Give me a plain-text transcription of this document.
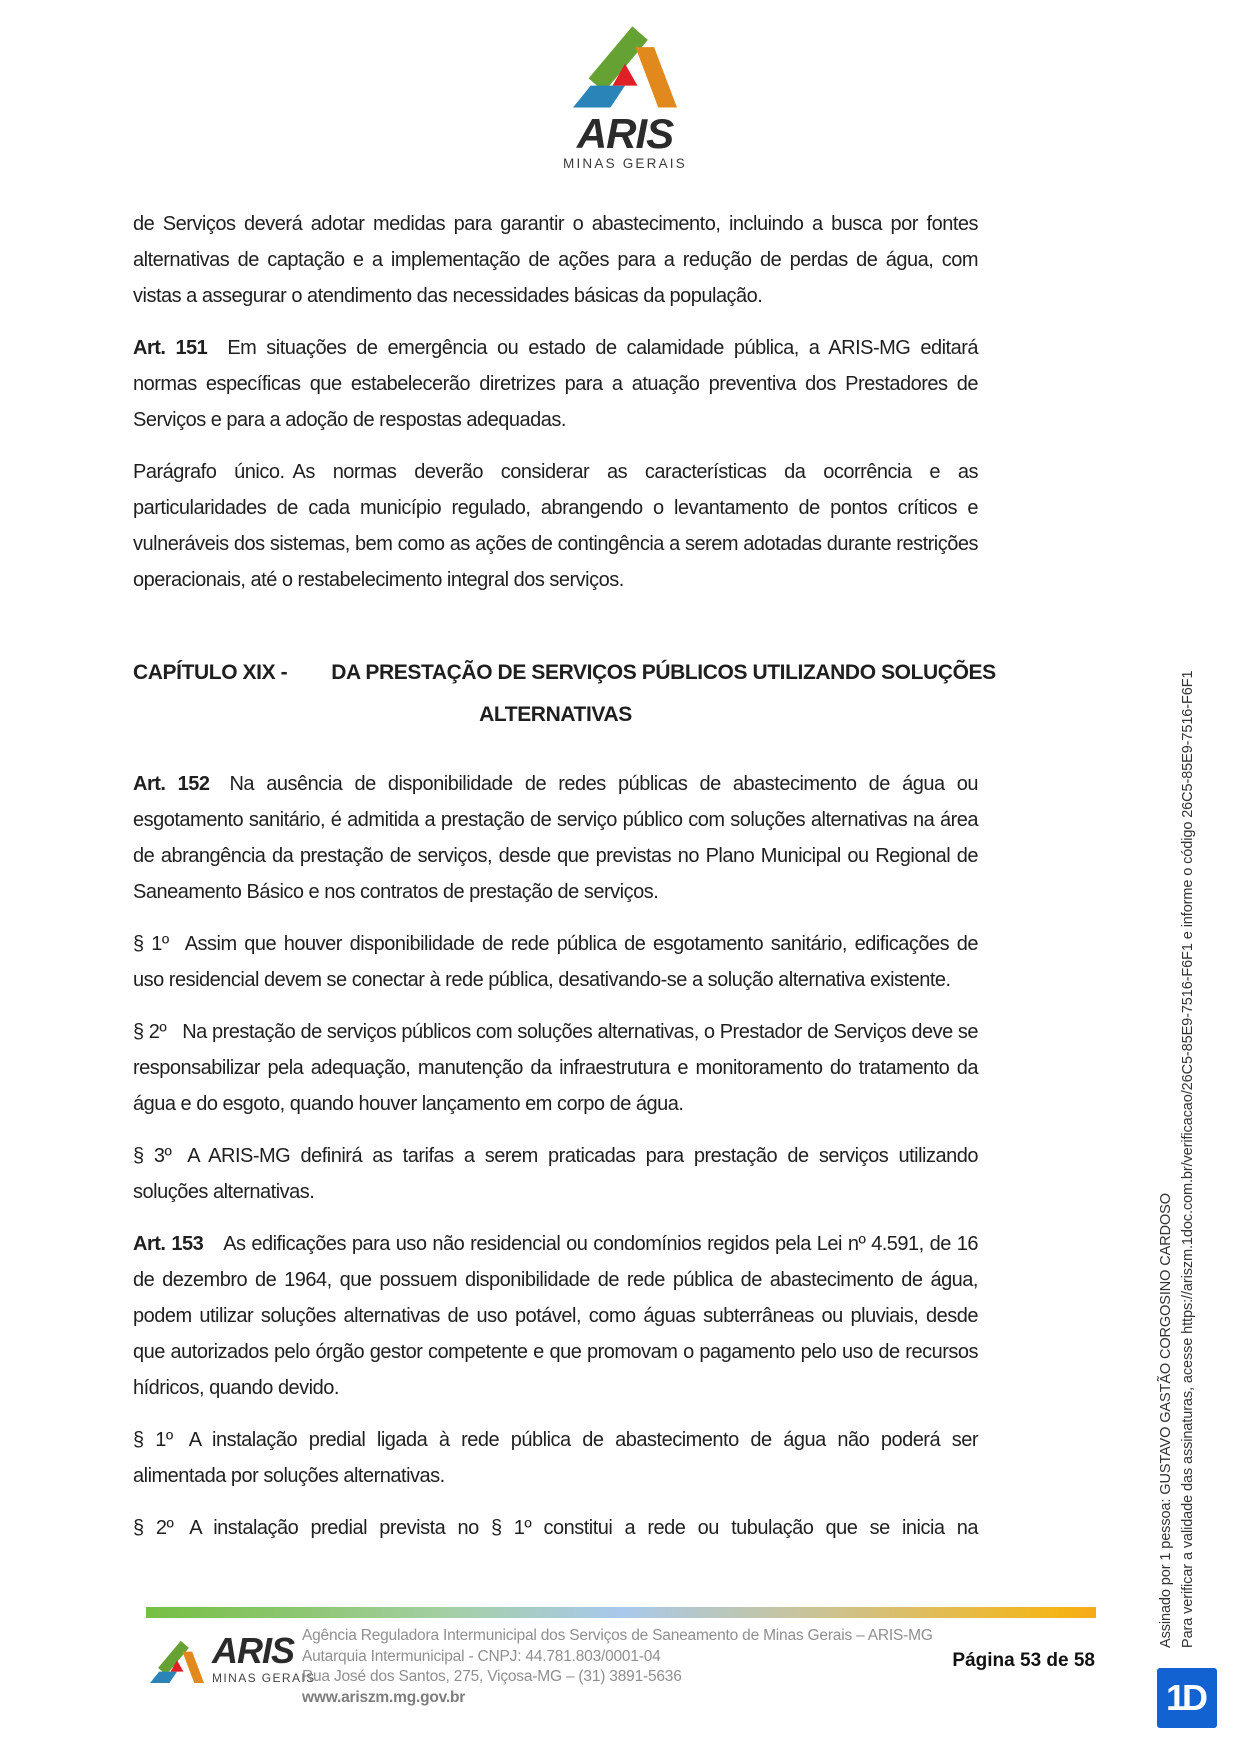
ARIS
MINAS GERAIS

de Serviços deverá adotar medidas para garantir o abastecimento, incluindo a busca por fontes alternativas de captação e a implementação de ações para a redução de perdas de água, com vistas a assegurar o atendimento das necessidades básicas da população.

Art. 151 Em situações de emergência ou estado de calamidade pública, a ARIS-MG editará normas específicas que estabelecerão diretrizes para a atuação preventiva dos Prestadores de Serviços e para a adoção de respostas adequadas.

Parágrafo único. As normas deverão considerar as características da ocorrência e as particularidades de cada município regulado, abrangendo o levantamento de pontos críticos e vulneráveis dos sistemas, bem como as ações de contingência a serem adotadas durante restrições operacionais, até o restabelecimento integral dos serviços.

CAPÍTULO XIX - DA PRESTAÇÃO DE SERVIÇOS PÚBLICOS UTILIZANDO SOLUÇÕES
ALTERNATIVAS

Art. 152 Na ausência de disponibilidade de redes públicas de abastecimento de água ou esgotamento sanitário, é admitida a prestação de serviço público com soluções alternativas na área de abrangência da prestação de serviços, desde que previstas no Plano Municipal ou Regional de Saneamento Básico e nos contratos de prestação de serviços.

§ 1º Assim que houver disponibilidade de rede pública de esgotamento sanitário, edificações de uso residencial devem se conectar à rede pública, desativando-se a solução alternativa existente.

§ 2º Na prestação de serviços públicos com soluções alternativas, o Prestador de Serviços deve se responsabilizar pela adequação, manutenção da infraestrutura e monitoramento do tratamento da água e do esgoto, quando houver lançamento em corpo de água.

§ 3º A ARIS-MG definirá as tarifas a serem praticadas para prestação de serviços utilizando soluções alternativas.

Art. 153 As edificações para uso não residencial ou condomínios regidos pela Lei nº 4.591, de 16 de dezembro de 1964, que possuem disponibilidade de rede pública de abastecimento de água, podem utilizar soluções alternativas de uso potável, como águas subterrâneas ou pluviais, desde que autorizados pelo órgão gestor competente e que promovam o pagamento pelo uso de recursos hídricos, quando devido.

§ 1º A instalação predial ligada à rede pública de abastecimento de água não poderá ser alimentada por soluções alternativas.

§ 2º A instalação predial prevista no § 1º constitui a rede ou tubulação que se inicia na

ARIS
MINAS GERAIS
Agência Reguladora Intermunicipal dos Serviços de Saneamento de Minas Gerais – ARIS-MG
Autarquia Intermunicipal - CNPJ: 44.781.803/0001-04
Rua José dos Santos, 275, Viçosa-MG – (31) 3891-5636
www.ariszm.mg.gov.br
Página 53 de 58
Assinado por 1 pessoa: GUSTAVO GASTÃO CORGOSINO CARDOSO Para verificar a validade das assinaturas, acesse https://ariszm.1doc.com.br/verificacao/26C5-85E9-7516-F6F1 e informe o código 26C5-85E9-7516-F6F1
1D
